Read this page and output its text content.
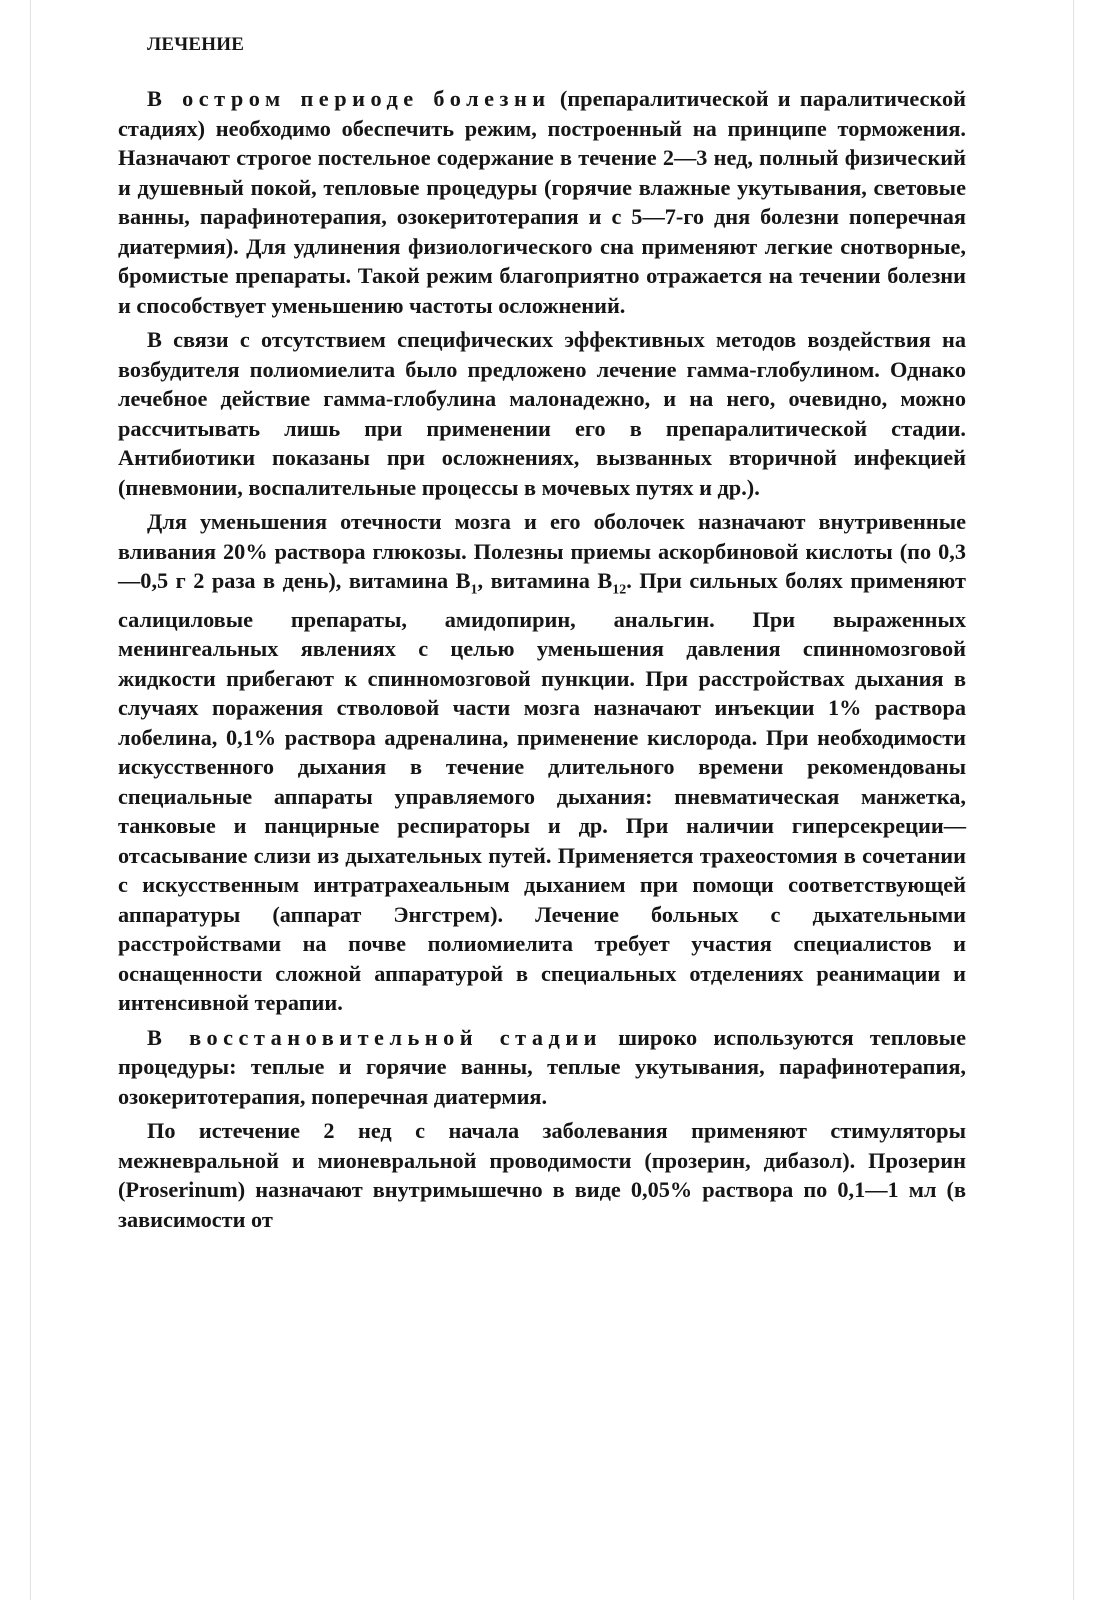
ЛЕЧЕНИЕ

В остром периоде болезни (препаралитической и паралитической стадиях) необходимо обеспечить режим, построенный на принципе торможения. Назначают строгое постельное содержание в течение 2—3 нед, полный физический и душевный покой, тепловые процедуры (горячие влажные укутывания, световые ванны, парафинотерапия, озокеритотерапия и с 5—7-го дня болезни поперечная диатермия). Для удлинения физиологического сна применяют легкие снотворные, бромистые препараты. Такой режим благоприятно отражается на течении болезни и способствует уменьшению частоты осложнений.

В связи с отсутствием специфических эффективных методов воздействия на возбудителя полиомиелита было предложено лечение гамма-глобулином. Однако лечебное действие гамма-глобулина малонадежно, и на него, очевидно, можно рассчитывать лишь при применении его в препаралитической стадии. Антибиотики показаны при осложнениях, вызванных вторичной инфекцией (пневмонии, воспалительные процессы в мочевых путях и др.).

Для уменьшения отечности мозга и его оболочек назначают внутривенные вливания 20% раствора глюкозы. Полезны приемы аскорбиновой кислоты (по 0,3—0,5 г 2 раза в день), витамина $B_1$, витамина $B_{12}$. При сильных болях применяют салициловые препараты, амидопирин, анальгин. При выраженных менингеальных явлениях с целью уменьшения давления спинномозговой жидкости прибегают к спинномозговой пункции. При расстройствах дыхания в случаях поражения стволовой части мозга назначают инъекции 1% раствора лобелина, 0,1% раствора адреналина, применение кислорода. При необходимости искусственного дыхания в течение длительного времени рекомендованы специальные аппараты управляемого дыхания: пневматическая манжетка, танковые и панцирные респираторы и др. При наличии гиперсекреции—отсасывание слизи из дыхательных путей. Применяется трахеостомия в сочетании с искусственным интратрахеальным дыханием при помощи соответствующей аппаратуры (аппарат Энгстрем). Лечение больных с дыхательными расстройствами на почве полиомиелита требует участия специалистов и оснащенности сложной аппаратурой в специальных отделениях реанимации и интенсивной терапии.

В восстановительной стадии широко используются тепловые процедуры: теплые и горячие ванны, теплые укутывания, парафинотерапия, озокеритотерапия, поперечная диатермия.

По истечение 2 нед с начала заболевания применяют стимуляторы межневральной и мионевральной проводимости (прозерин, дибазол). Прозерин (Proserinum) назначают внутримышечно в виде 0,05% раствора по 0,1—1 мл (в зависимости от
